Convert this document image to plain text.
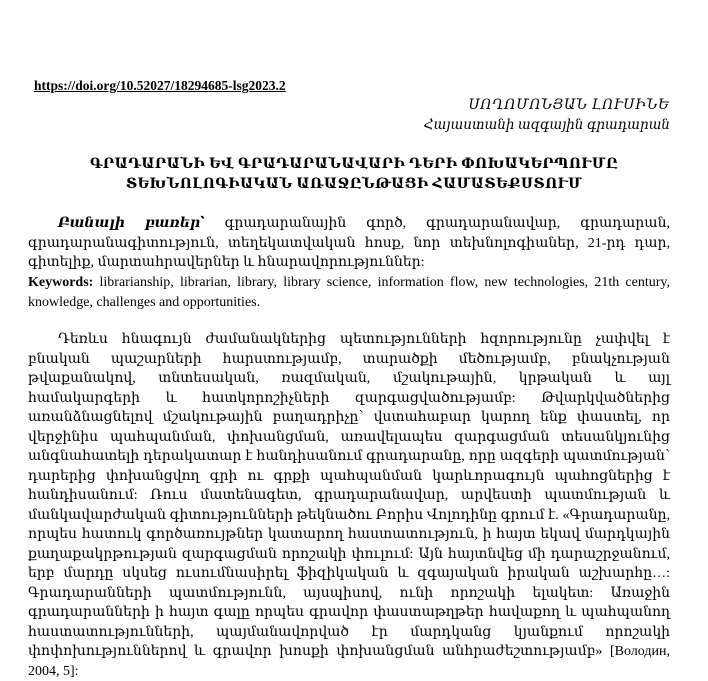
https://doi.org/10.52027/18294685-lsg2023.2
ՍՈՂՈՄՈՆՅԱՆ ԼՈՒՍԻՆԵ
Հայաստանի ազգային գրադարան
ԳՐԱԴԱՐԱՆԻ ԵՎ ԳՐԱԴԱՐԱՆԱՎԱՐԻ ԴԵՐԻ ՓՈԽԱԿԵՐՊՈՒՄԸ
ՏԵԽՆՈԼՈԳԻԱԿԱՆ ԱՌԱՋԸՆԹԱՑԻ ՀԱՄԱՏԵՔՍՏՈՒՄ
Բանալի բառեր՝ գրադարանային գործ, գրադարանավար, գրադարան, գրադարանագիտություն, տեղեկատվական հոսք, նոր տեխնոլոգիաներ, 21-րդ դար, գիտելիք, մարտահրավերներ և հնարավորություններ:
Keywords: librarianship, librarian, library, library science, information flow, new technologies, 21th century, knowledge, challenges and opportunities.
Դեռևս հնագույն ժամանակներից պետությունների հզորությունը չափվել է բնական պաշարների հարստությամբ, տարածքի մեծությամբ, բնակչության թվաքանակով, տնտեսական, ռազմական, մշակութային, կրթական և այլ համակարգերի և հատկորոշիչների զարգացվածությամբ: Թվարկվածներից առանձնացնելով մշակութային բաղադրիչը՝ վստահաբար կարող ենք փաստել, որ վերջինիս պահպանման, փոխանցման, առավելապես զարգացման տեսանկյունից անգնահատելի դերակատար է հանդիսանում գրադարանը, որը ազգերի պատմության՝ դարերից փոխանցվող գրի ու գրքի պահպանման կարևորագույն պահոցներից է հանդիսանում: Ռուս մատենագետ, գրադարանավար, արվեստի պատմության և մանկավարժական գիտությունների թեկնածու Բորիս Վոլոդինը գրում է. «Գրադարանը, որպես հատուկ գործառույթներ կատարող հաստատություն, ի հայտ եկավ մարդկային քաղաքակրթության զարգացման որոշակի փուլում: Այն հայտնվեց մի դարաշրջանում, երբ մարդը սկսեց ուսումնասիրել ֆիզիկական և զգայական իրական աշխարհը…: Գրադարանների պատմությունն, այսպիսով, ունի որոշակի ելակետ: Առաջին գրադարանների ի հայտ գալը որպես գրավոր փաստաթղթեր հավաքող և պահպանող հաստատությունների, պայմանավորված էր մարդկանց կյանքում որոշակի փոփոխություններով և գրավոր խոսքի փոխանցման անհրաժեշտությամբ» [Володин, 2004, 5]:
